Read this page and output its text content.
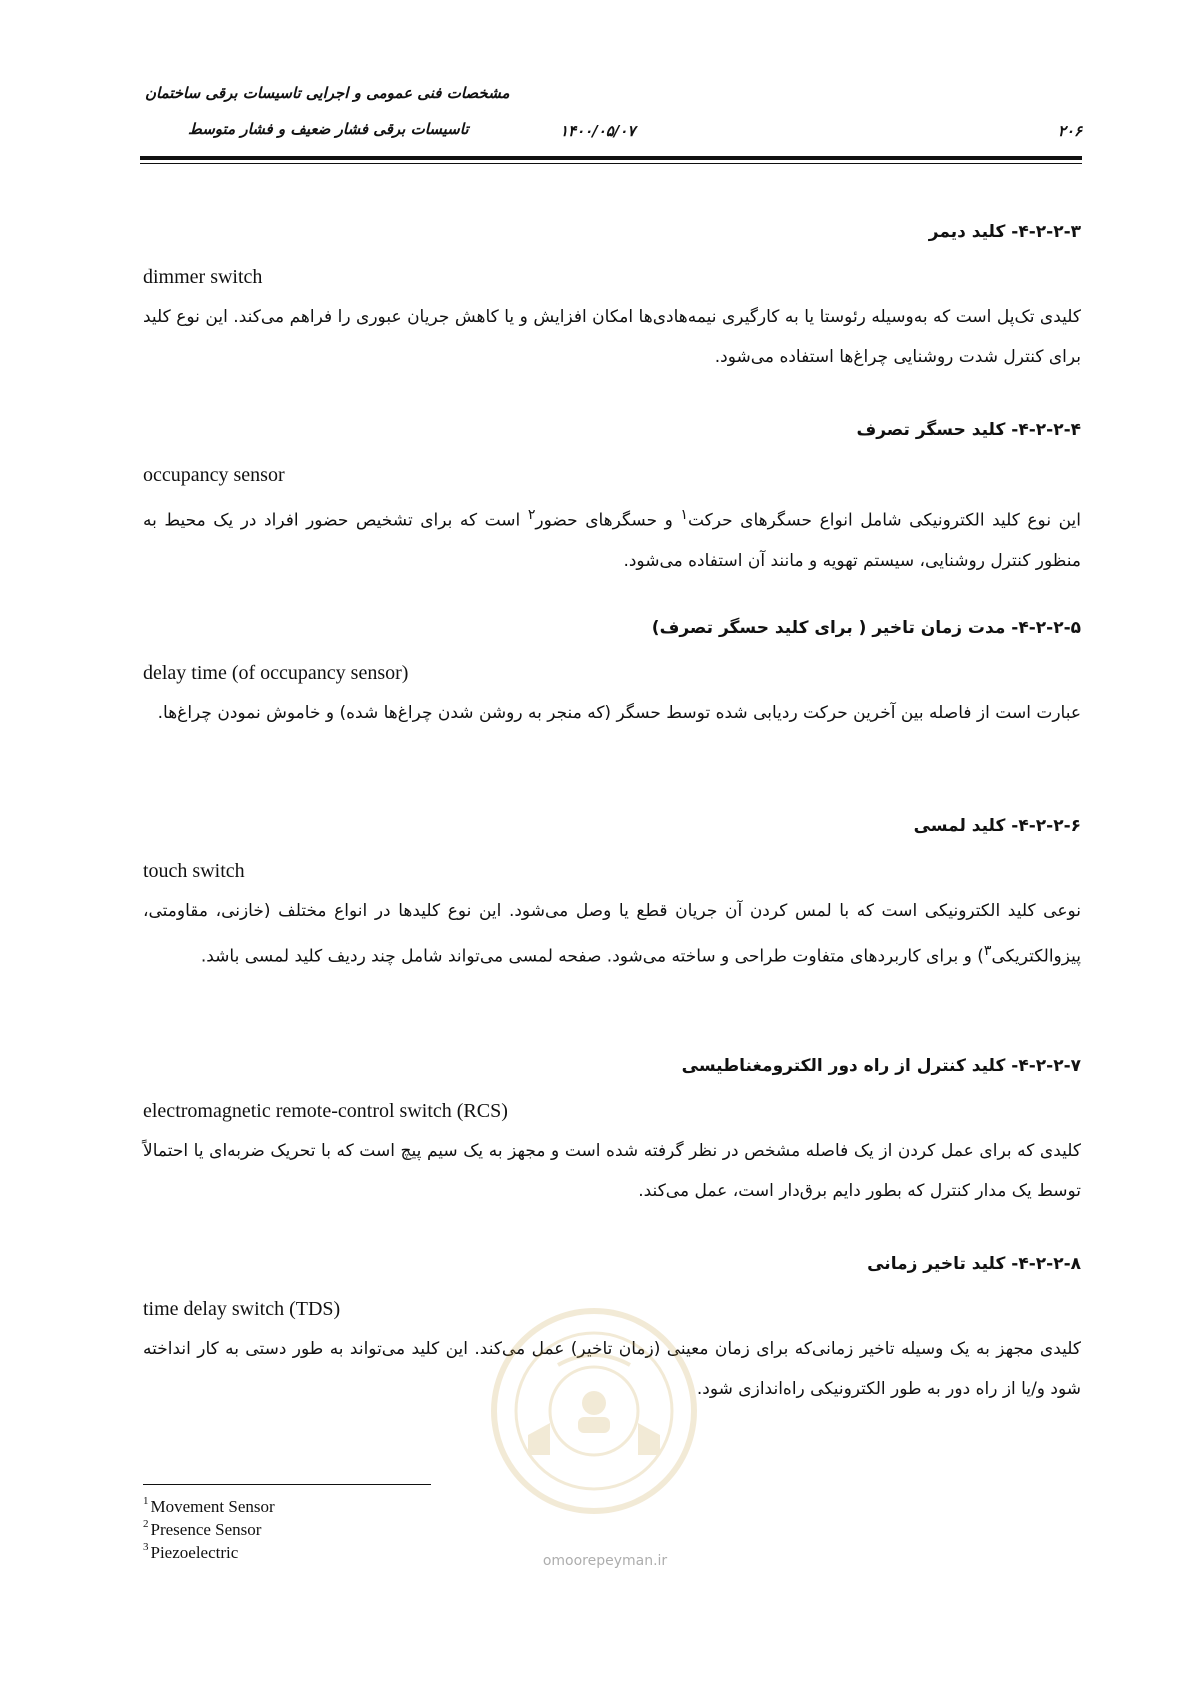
مشخصات فنی عمومی و اجرایی تاسیسات برقی ساختمان
تاسیسات برقی فشار ضعیف و فشار متوسط	۱۴۰۰/۰۵/۰۷	۲۰۶
۴-۲-۲-۳- کلید دیمر
dimmer switch
کلیدی تک‌پل است که به‌وسیله رئوستا یا به کارگیری نیمه‌هادی‌ها امکان افزایش و یا کاهش جریان عبوری را فراهم می‌کند. این نوع کلید برای کنترل شدت روشنایی چراغ‌ها استفاده می‌شود.
۴-۲-۲-۴- کلید حسگر تصرف
occupancy sensor
این نوع کلید الکترونیکی شامل انواع حسگرهای حرکت$^۱$ و حسگرهای حضور$^۲$ است که برای تشخیص حضور افراد در یک محیط به منظور کنترل روشنایی، سیستم تهویه و مانند آن استفاده می‌شود.
۴-۲-۲-۵- مدت زمان تاخیر ( برای کلید حسگر تصرف)
delay time (of occupancy sensor)
عبارت است از فاصله بین آخرین حرکت ردیابی شده توسط حسگر (که منجر به روشن شدن چراغ‌ها شده) و خاموش نمودن چراغ‌ها.
۴-۲-۲-۶- کلید لمسی
touch switch
نوعی کلید الکترونیکی است که با لمس کردن آن جریان قطع یا وصل می‌شود. این نوع کلیدها در انواع مختلف (خازنی، مقاومتی، پیزوالکتریکی$^۳$) و برای کاربردهای متفاوت طراحی و ساخته می‌شود. صفحه لمسی می‌تواند شامل چند ردیف کلید لمسی باشد.
۴-۲-۲-۷- کلید کنترل از راه دور الکترومغناطیسی
electromagnetic remote-control switch (RCS)
کلیدی که برای عمل کردن از یک فاصله مشخص در نظر گرفته شده است و مجهز به یک سیم پیچ است که با تحریک ضربه‌ای یا احتمالاً توسط یک مدار کنترل که بطور دایم برق‌دار است، عمل می‌کند.
۴-۲-۲-۸- کلید تاخیر زمانی
time delay switch (TDS)
کلیدی مجهز به یک وسیله تاخیر زمانی‌که برای زمان معینی (زمان تاخیر) عمل می‌کند. این کلید می‌تواند به طور دستی به کار انداخته شود و/یا از راه دور به طور الکترونیکی راه‌اندازی شود.
omoorepeyman.ir
$^1$ Movement Sensor
$^2$ Presence Sensor
$^3$ Piezoelectric
